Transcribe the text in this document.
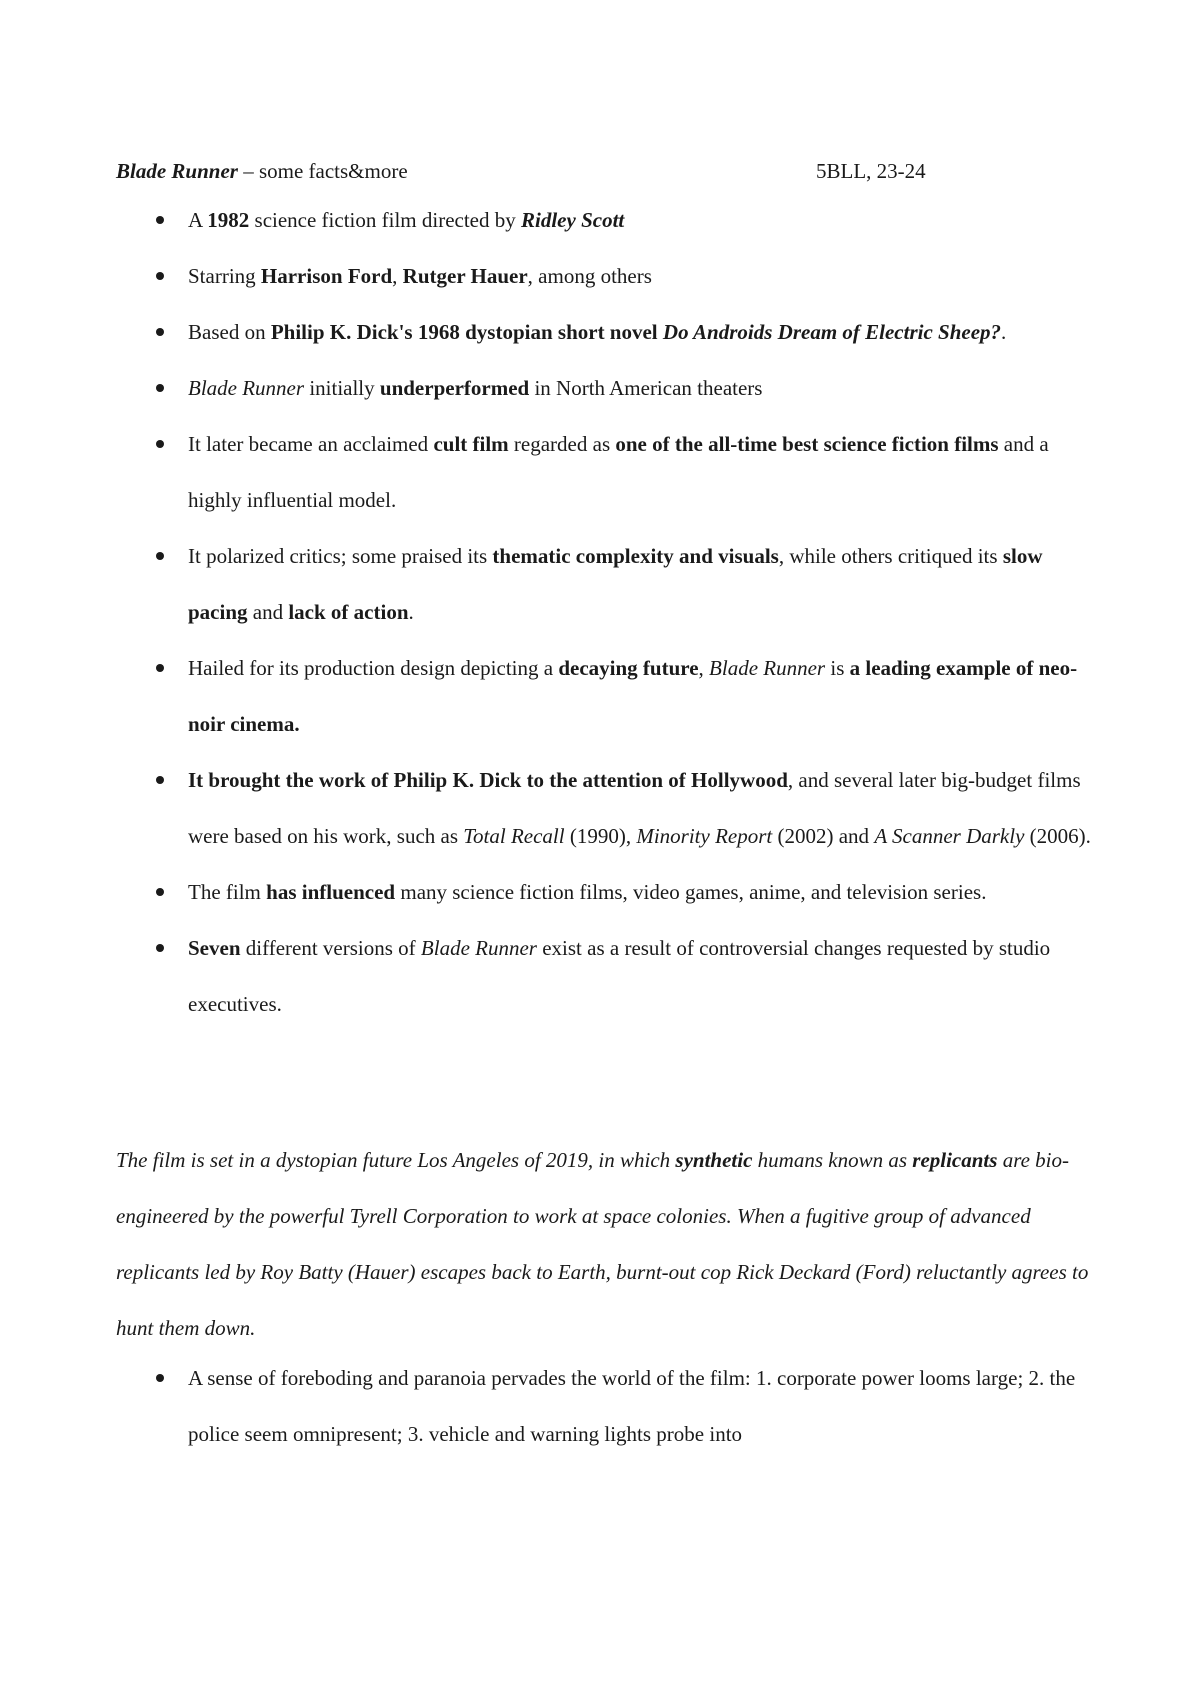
Blade Runner – some facts&more	5BLL, 23-24
A 1982 science fiction film directed by Ridley Scott
Starring Harrison Ford, Rutger Hauer, among others
Based on Philip K. Dick's 1968 dystopian short novel Do Androids Dream of Electric Sheep?.
Blade Runner initially underperformed in North American theaters
It later became an acclaimed cult film regarded as one of the all-time best science fiction films and a highly influential model.
It polarized critics; some praised its thematic complexity and visuals, while others critiqued its slow pacing and lack of action.
Hailed for its production design depicting a decaying future, Blade Runner is a leading example of neo-noir cinema.
It brought the work of Philip K. Dick to the attention of Hollywood, and several later big-budget films were based on his work, such as Total Recall (1990), Minority Report (2002) and A Scanner Darkly (2006).
The film has influenced many science fiction films, video games, anime, and television series.
Seven different versions of Blade Runner exist as a result of controversial changes requested by studio executives.
The film is set in a dystopian future Los Angeles of 2019, in which synthetic humans known as replicants are bio-engineered by the powerful Tyrell Corporation to work at space colonies. When a fugitive group of advanced replicants led by Roy Batty (Hauer) escapes back to Earth, burnt-out cop Rick Deckard (Ford) reluctantly agrees to hunt them down.
A sense of foreboding and paranoia pervades the world of the film: 1. corporate power looms large; 2. the police seem omnipresent; 3. vehicle and warning lights probe into
